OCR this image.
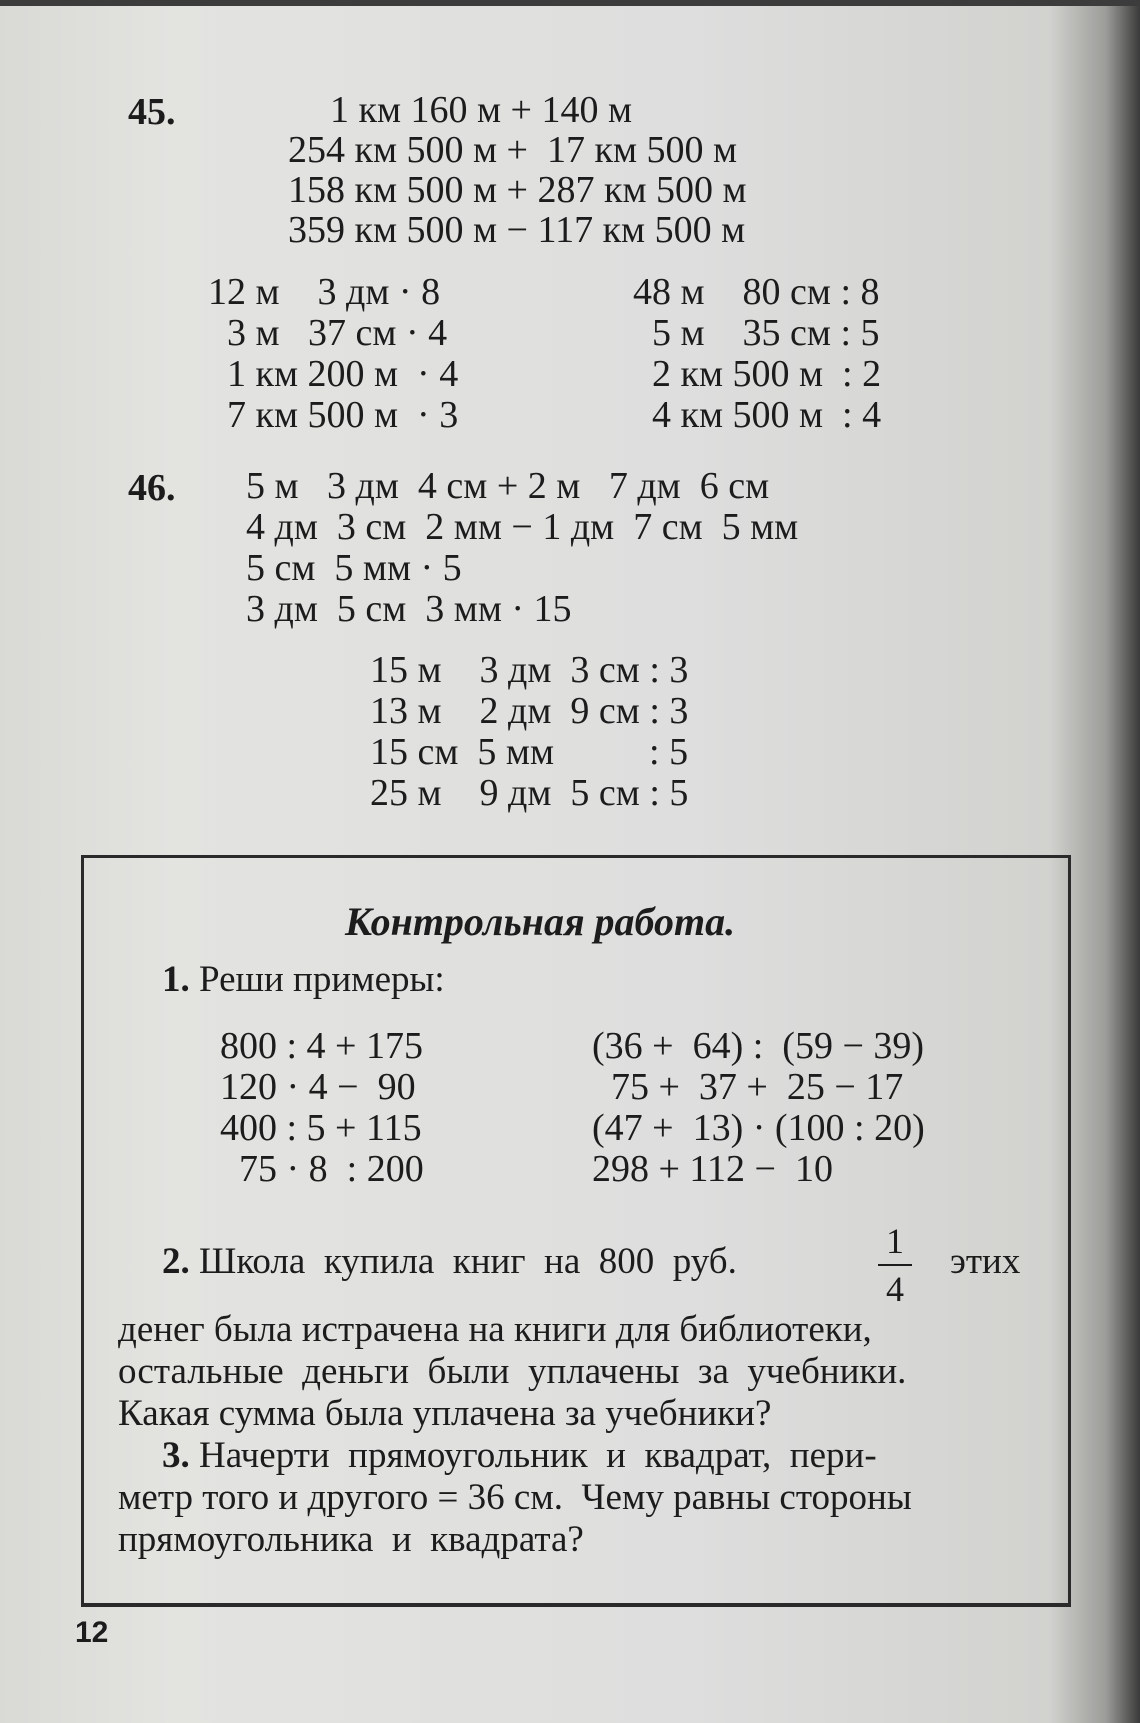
45.	1 км 160 м + 140 м
254 км 500 м +  17 км 500 м
158 км 500 м + 287 км 500 м
359 км 500 м − 117 км 500 м
12 м    3 дм · 8
3 м   37 см · 4
1 км 200 м  · 4
7 км 500 м  · 3
48 м    80 см : 8
5 м    35 см : 5
2 км 500 м  : 2
4 км 500 м  : 4
46. 5 м   3 дм  4 см + 2 м   7 дм  6 см
4 дм  3 см  2 мм − 1 дм  7 см  5 мм
5 см  5 мм · 5
3 дм  5 см  3 мм · 15
15 м    3 дм  3 см : 3
13 м    2 дм  9 см : 3
15 см  5 мм          : 5
25 м    9 дм  5 см : 5
Контрольная работа.
1. Реши примеры:
800 : 4 + 175
120 · 4 −  90
400 : 5 + 115
75 · 8  : 200
(36 +  64) :  (59 − 39)
75 +  37 +  25 − 17
(47 +  13) · (100 : 20)
298 + 112 −  10
2. Школа  купила  книг  на  800  руб.	1
4
этих
денег была истрачена на книги для библиотеки,
остальные  деньги  были  уплачены  за  учебники.
Какая сумма была уплачена за учебники?
3. Начерти  прямоугольник  и  квадрат,  пери-
метр того и другого = 36 см.  Чему равны стороны
прямоугольника  и  квадрата?
12
